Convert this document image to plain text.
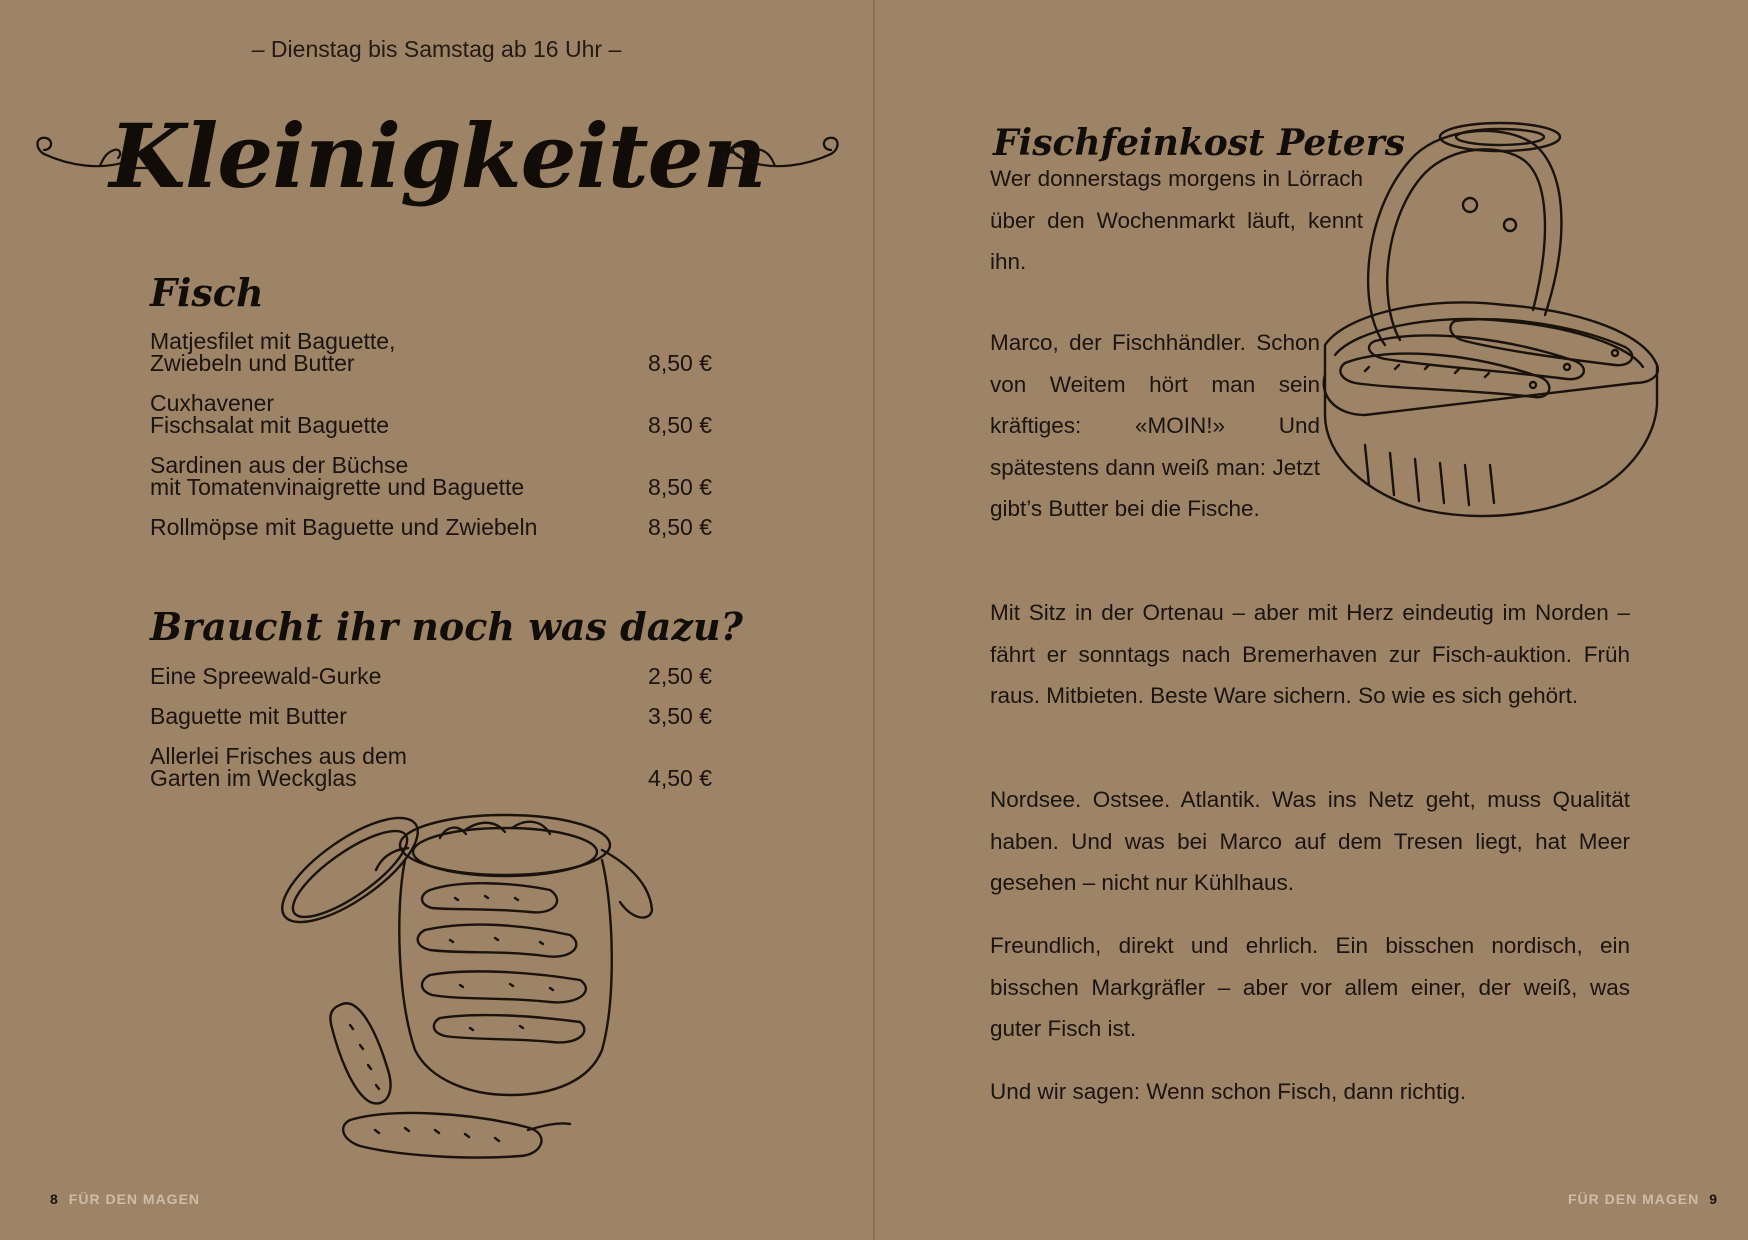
– Dienstag bis Samstag ab 16 Uhr –
Kleinigkeiten
Fisch
Matjesfilet mit Baguette,
Zwiebeln und Butter	8,50 €
Cuxhavener
Fischsalat mit Baguette	8,50 €
Sardinen aus der Büchse
mit Tomatenvinaigrette und Baguette	8,50 €
Rollmöpse mit Baguette und Zwiebeln	8,50 €
Braucht ihr noch was dazu?
Eine Spreewald-Gurke	2,50 €
Baguette mit Butter	3,50 €
Allerlei Frisches aus dem
Garten im Weckglas	4,50 €
8 FÜR DEN MAGEN
Fischfeinkost Peters
Wer donnerstags morgens in Lörrach über den Wochenmarkt läuft, kennt ihn.
Marco, der Fischhändler. Schon von Weitem hört man sein kräftiges: «MOIN!» Und spätestens dann weiß man: Jetzt gibt’s Butter bei die Fische.
Mit Sitz in der Ortenau – aber mit Herz eindeutig im Norden – fährt er sonntags nach Bremerhaven zur Fisch-auktion. Früh raus. Mitbieten. Beste Ware sichern. So wie es sich gehört.
Nordsee. Ostsee. Atlantik. Was ins Netz geht, muss Qualität haben. Und was bei Marco auf dem Tresen liegt, hat Meer gesehen – nicht nur Kühlhaus.
Freundlich, direkt und ehrlich. Ein bisschen nordisch, ein bisschen Markgräfler – aber vor allem einer, der weiß, was guter Fisch ist.
Und wir sagen: Wenn schon Fisch, dann richtig.
FÜR DEN MAGEN 9
